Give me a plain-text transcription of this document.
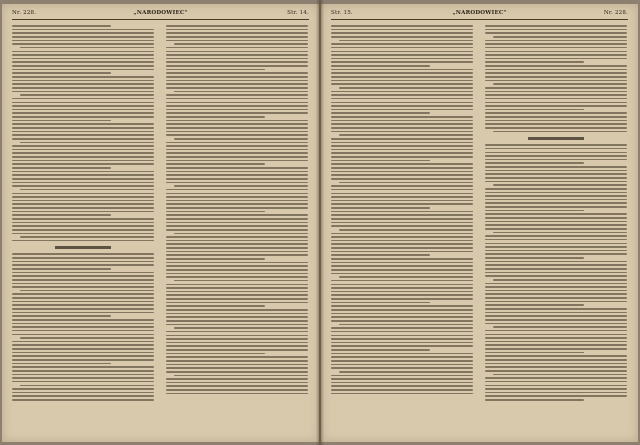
Nr. 228.	„NARODOWIEC"	Str. 14.	Str. 15.	„NARODOWIEC"	Nr. 228.
